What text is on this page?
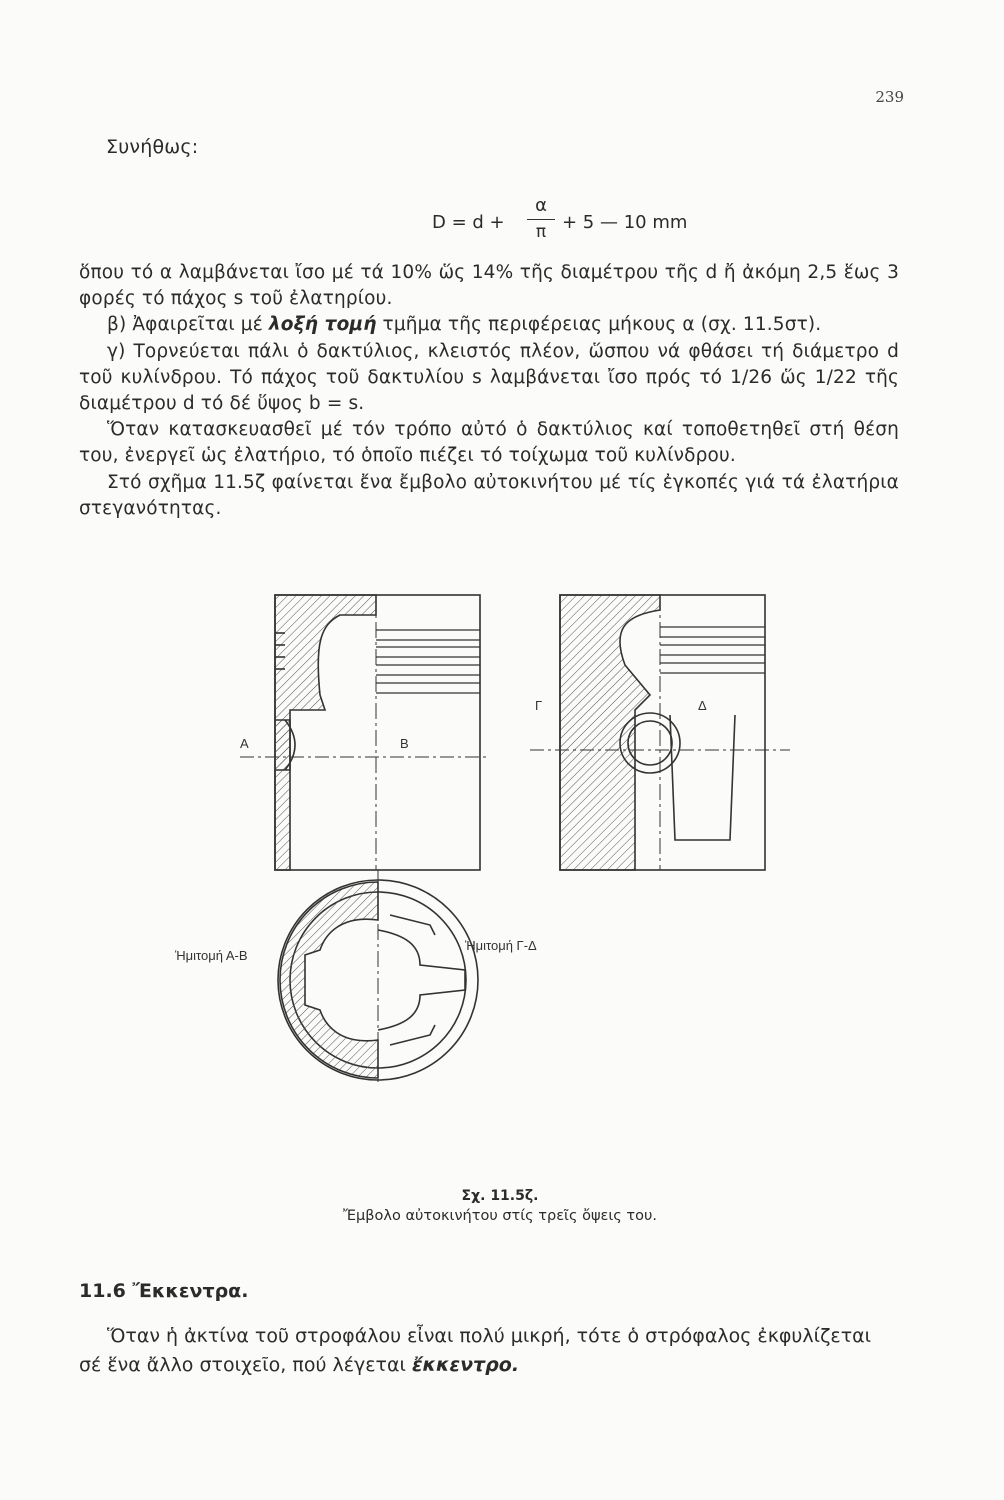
239
Συνήθως:
D = d +
α
π + 5 — 10 mm

ὅπου τό α λαμβάνεται ἴσο μέ τά 10% ὥς 14% τῆς διαμέτρου τῆς d ἤ ἀκόμη 2,5 ἕως 3 φορές τό πάχος s τοῦ ἐλατηρίου.

β) Ἀφαιρεῖται μέ λοξή τομή τμῆμα τῆς περιφέρειας μήκους α (σχ. 11.5στ).

γ) Τορνεύεται πάλι ὁ δακτύλιος, κλειστός πλέον, ὥσπου νά φθάσει τή διάμετρο d τοῦ κυλίνδρου. Τό πάχος τοῦ δακτυλίου s λαμβάνεται ἴσο πρός τό 1/26 ὥς 1/22 τῆς διαμέτρου d τό δέ ὕψος b = s.

Ὅταν κατασκευασθεῖ μέ τόν τρόπο αὐτό ὁ δακτύλιος καί τοποθετηθεῖ στή θέση του, ἐνεργεῖ ὡς ἐλατήριο, τό ὁποῖο πιέζει τό τοίχωμα τοῦ κυλίνδρου.

Στό σχῆμα 11.5ζ φαίνεται ἔνα ἔμβολο αὐτοκινήτου μέ τίς ἐγκοπές γιά τά ἐλατήρια στεγανότητας.

A	B
Γ	Δ
Ἡμιτομή Α-Β
Ἡμιτομή Γ-Δ
Σχ. 11.5ζ.
Ἔμβολο αὐτοκινήτου στίς τρεῖς ὄψεις του.
11.6 Ἔκκεντρα.

Ὅταν ἡ ἀκτίνα τοῦ στροφάλου εἶναι πολύ μικρή, τότε ὁ στρόφαλος ἐκφυλίζεται σέ ἕνα ἄλλο στοιχεῖο, πού λέγεται ἔκκεντρο.
